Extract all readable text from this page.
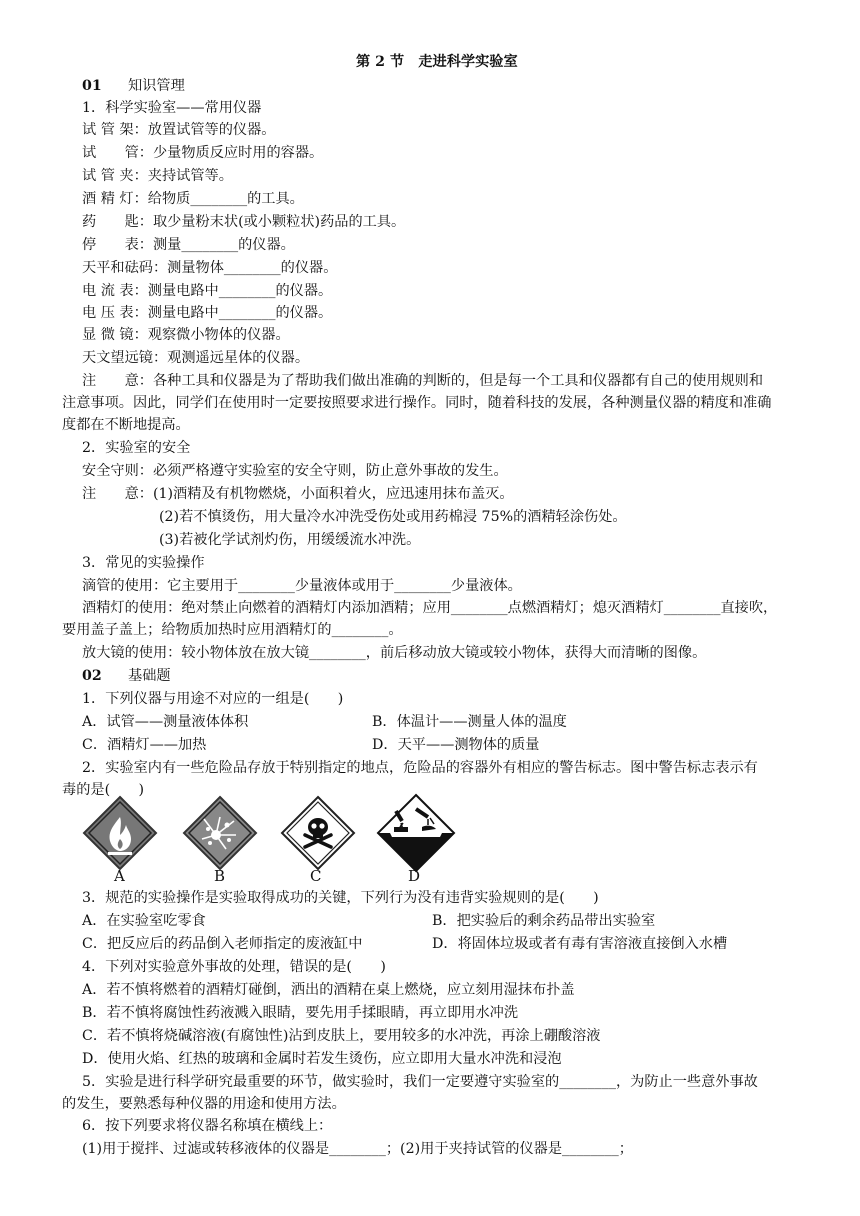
第 2 节　走进科学实验室
01 知识管理
1．科学实验室——常用仪器
试 管 架：放置试管等的仪器。
试　　管：少量物质反应时用的容器。
试 管 夹：夹持试管等。
酒 精 灯：给物质________的工具。
药　　匙：取少量粉末状(或小颗粒状)药品的工具。
停　　表：测量________的仪器。
天平和砝码：测量物体________的仪器。
电 流 表：测量电路中________的仪器。
电 压 表：测量电路中________的仪器。
显 微 镜：观察微小物体的仪器。
天文望远镜：观测遥远星体的仪器。
注　　意：各种工具和仪器是为了帮助我们做出准确的判断的，但是每一个工具和仪器都有自己的使用规则和
注意事项。因此，同学们在使用时一定要按照要求进行操作。同时，随着科技的发展，各种测量仪器的精度和准确
度都在不断地提高。
2．实验室的安全
安全守则：必须严格遵守实验室的安全守则，防止意外事故的发生。
注　　意：(1)酒精及有机物燃烧，小面积着火，应迅速用抹布盖灭。
(2)若不慎烫伤，用大量冷水冲洗受伤处或用药棉浸 75%的酒精轻涂伤处。
(3)若被化学试剂灼伤，用缓缓流水冲洗。
3．常见的实验操作
滴管的使用：它主要用于________少量液体或用于________少量液体。
酒精灯的使用：绝对禁止向燃着的酒精灯内添加酒精；应用________点燃酒精灯；熄灭酒精灯________直接吹，
要用盖子盖上；给物质加热时应用酒精灯的________。
放大镜的使用：较小物体放在放大镜________，前后移动放大镜或较小物体，获得大而清晰的图像。
02 基础题
1．下列仪器与用途不对应的一组是(　　)
A．试管——测量液体体积	B．体温计——测量人体的温度
C．酒精灯——加热	D．天平——测物体的质量
2．实验室内有一些危险品存放于特别指定的地点，危险品的容器外有相应的警告标志。图中警告标志表示有
毒的是(　　)
A	B	C	D
3．规范的实验操作是实验取得成功的关键，下列行为没有违背实验规则的是(　　)
A．在实验室吃零食	B．把实验后的剩余药品带出实验室
C．把反应后的药品倒入老师指定的废液缸中	D．将固体垃圾或者有毒有害溶液直接倒入水槽
4．下列对实验意外事故的处理，错误的是(　　)
A．若不慎将燃着的酒精灯碰倒，洒出的酒精在桌上燃烧，应立刻用湿抹布扑盖
B．若不慎将腐蚀性药液溅入眼睛，要先用手揉眼睛，再立即用水冲洗
C．若不慎将烧碱溶液(有腐蚀性)沾到皮肤上，要用较多的水冲洗，再涂上硼酸溶液
D．使用火焰、红热的玻璃和金属时若发生烫伤，应立即用大量水冲洗和浸泡
5．实验是进行科学研究最重要的环节，做实验时，我们一定要遵守实验室的________，为防止一些意外事故
的发生，要熟悉每种仪器的用途和使用方法。
6．按下列要求将仪器名称填在横线上：
(1)用于搅拌、过滤或转移液体的仪器是________；(2)用于夹持试管的仪器是________；
